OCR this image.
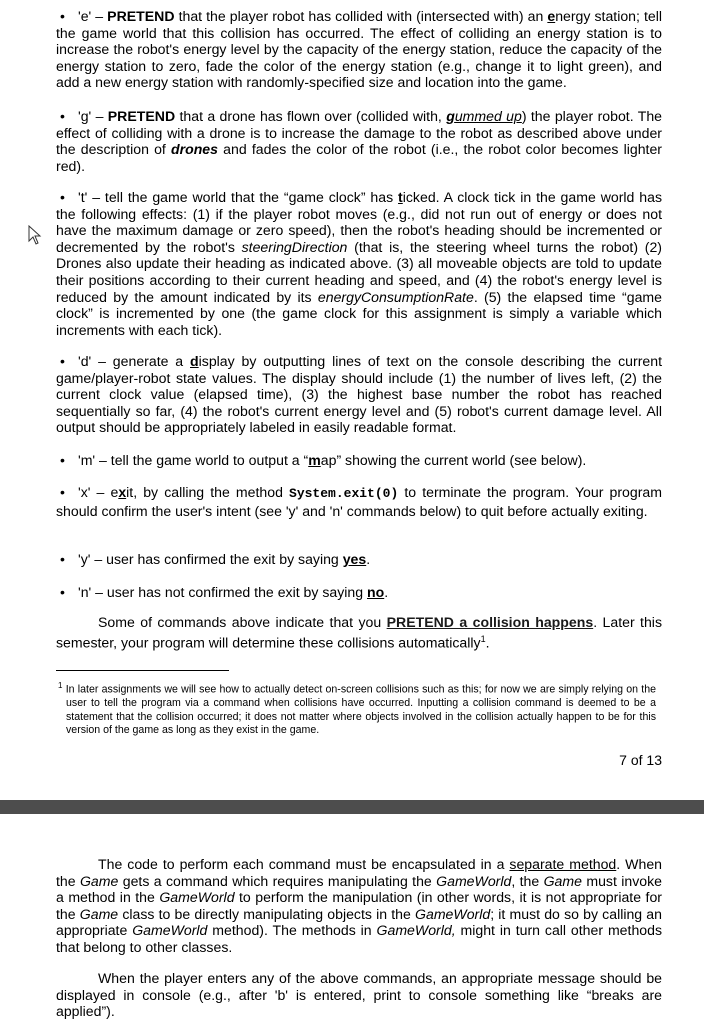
• 'e' – PRETEND that the player robot has collided with (intersected with) an energy station; tell the game world that this collision has occurred. The effect of colliding an energy station is to increase the robot's energy level by the capacity of the energy station, reduce the capacity of the energy station to zero, fade the color of the energy station (e.g., change it to light green), and add a new energy station with randomly-specified size and location into the game.

• 'g' – PRETEND that a drone has flown over (collided with, gummed up) the player robot. The effect of colliding with a drone is to increase the damage to the robot as described above under the description of drones and fades the color of the robot (i.e., the robot color becomes lighter red).

• 't' – tell the game world that the “game clock” has ticked. A clock tick in the game world has the following effects: (1) if the player robot moves (e.g., did not run out of energy or does not have the maximum damage or zero speed), then the robot's heading should be incremented or decremented by the robot's steeringDirection (that is, the steering wheel turns the robot) (2) Drones also update their heading as indicated above. (3) all moveable objects are told to update their positions according to their current heading and speed, and (4) the robot's energy level is reduced by the amount indicated by its energyConsumptionRate. (5) the elapsed time “game clock” is incremented by one (the game clock for this assignment is simply a variable which increments with each tick).

• 'd' – generate a display by outputting lines of text on the console describing the current game/player-robot state values. The display should include (1) the number of lives left, (2) the current clock value (elapsed time), (3) the highest base number the robot has reached sequentially so far, (4) the robot's current energy level and (5) robot's current damage level. All output should be appropriately labeled in easily readable format.

• 'm' – tell the game world to output a “map” showing the current world (see below).

• 'x' – exit, by calling the method System.exit(0) to terminate the program. Your program should confirm the user's intent (see 'y' and 'n' commands below) to quit before actually exiting.

• 'y' – user has confirmed the exit by saying yes.

• 'n' – user has not confirmed the exit by saying no.

Some of commands above indicate that you PRETEND a collision happens. Later this semester, your program will determine these collisions automatically$^1$.

$^1$ In later assignments we will see how to actually detect on-screen collisions such as this; for now we are simply relying on the user to tell the program via a command when collisions have occurred. Inputting a collision command is deemed to be a statement that the collision occurred; it does not matter where objects involved in the collision actually happen to be for this version of the game as long as they exist in the game.

7 of 13

The code to perform each command must be encapsulated in a separate method. When the Game gets a command which requires manipulating the GameWorld, the Game must invoke a method in the GameWorld to perform the manipulation (in other words, it is not appropriate for the Game class to be directly manipulating objects in the GameWorld; it must do so by calling an appropriate GameWorld method). The methods in GameWorld, might in turn call other methods that belong to other classes.

When the player enters any of the above commands, an appropriate message should be displayed in console (e.g., after 'b' is entered, print to console something like “breaks are applied”).
